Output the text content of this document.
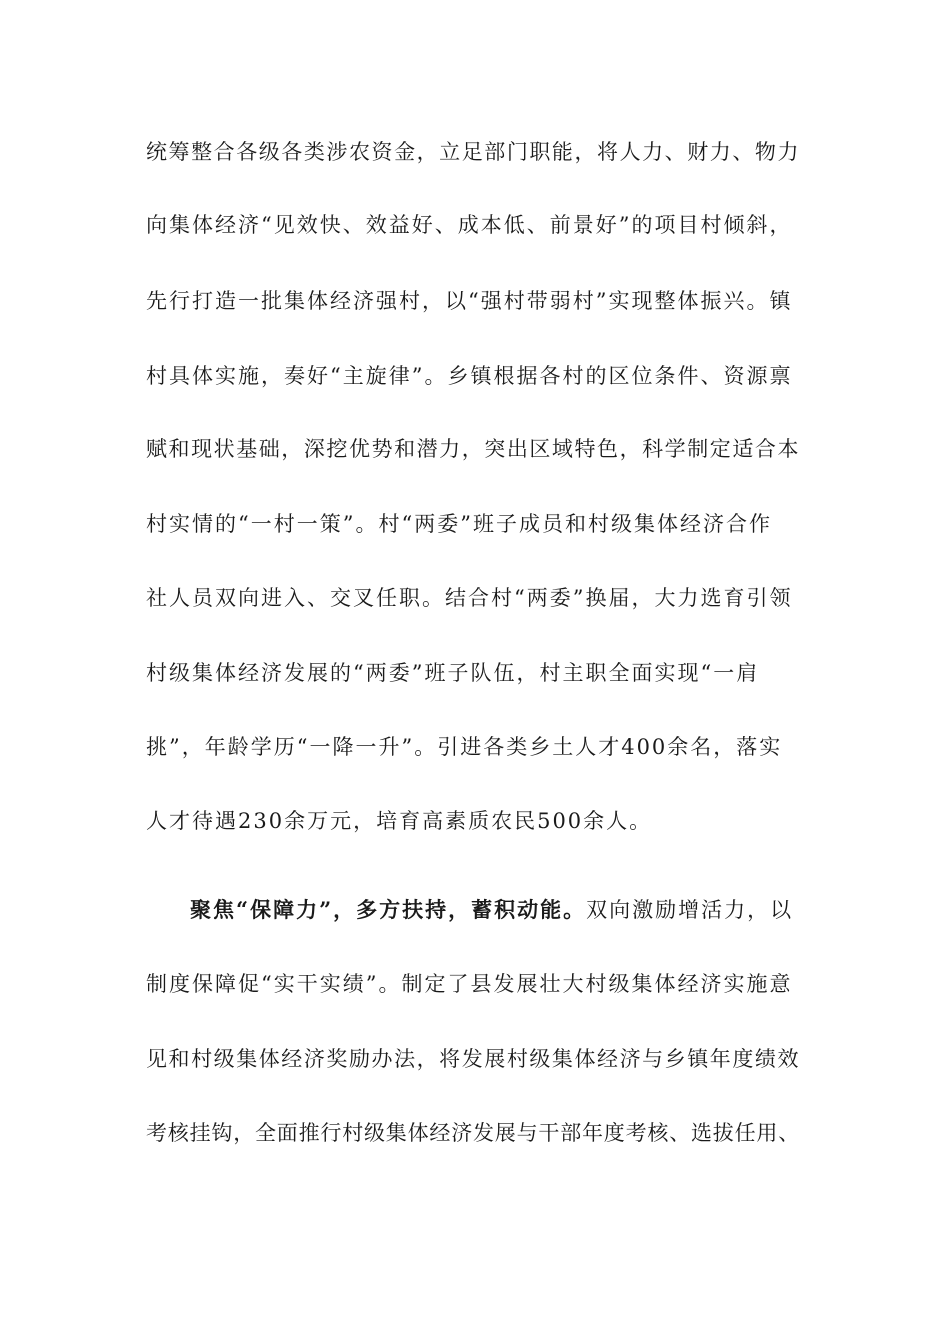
统筹整合各级各类涉农资金，立足部门职能，将人力、财力、物力
向集体经济“见效快、效益好、成本低、前景好”的项目村倾斜，
先行打造一批集体经济强村，以“强村带弱村”实现整体振兴。镇
村具体实施，奏好“主旋律”。乡镇根据各村的区位条件、资源禀
赋和现状基础，深挖优势和潜力，突出区域特色，科学制定适合本
村实情的“一村一策”。村“两委”班子成员和村级集体经济合作
社人员双向进入、交叉任职。结合村“两委”换届，大力选育引领
村级集体经济发展的“两委”班子队伍，村主职全面实现“一肩
挑”，年龄学历“一降一升”。引进各类乡土人才400余名，落实
人才待遇230余万元，培育高素质农民500余人。
聚焦“保障力”，多方扶持，蓄积动能。双向激励增活力，以
制度保障促“实干实绩”。制定了县发展壮大村级集体经济实施意
见和村级集体经济奖励办法，将发展村级集体经济与乡镇年度绩效
考核挂钩，全面推行村级集体经济发展与干部年度考核、选拔任用、
